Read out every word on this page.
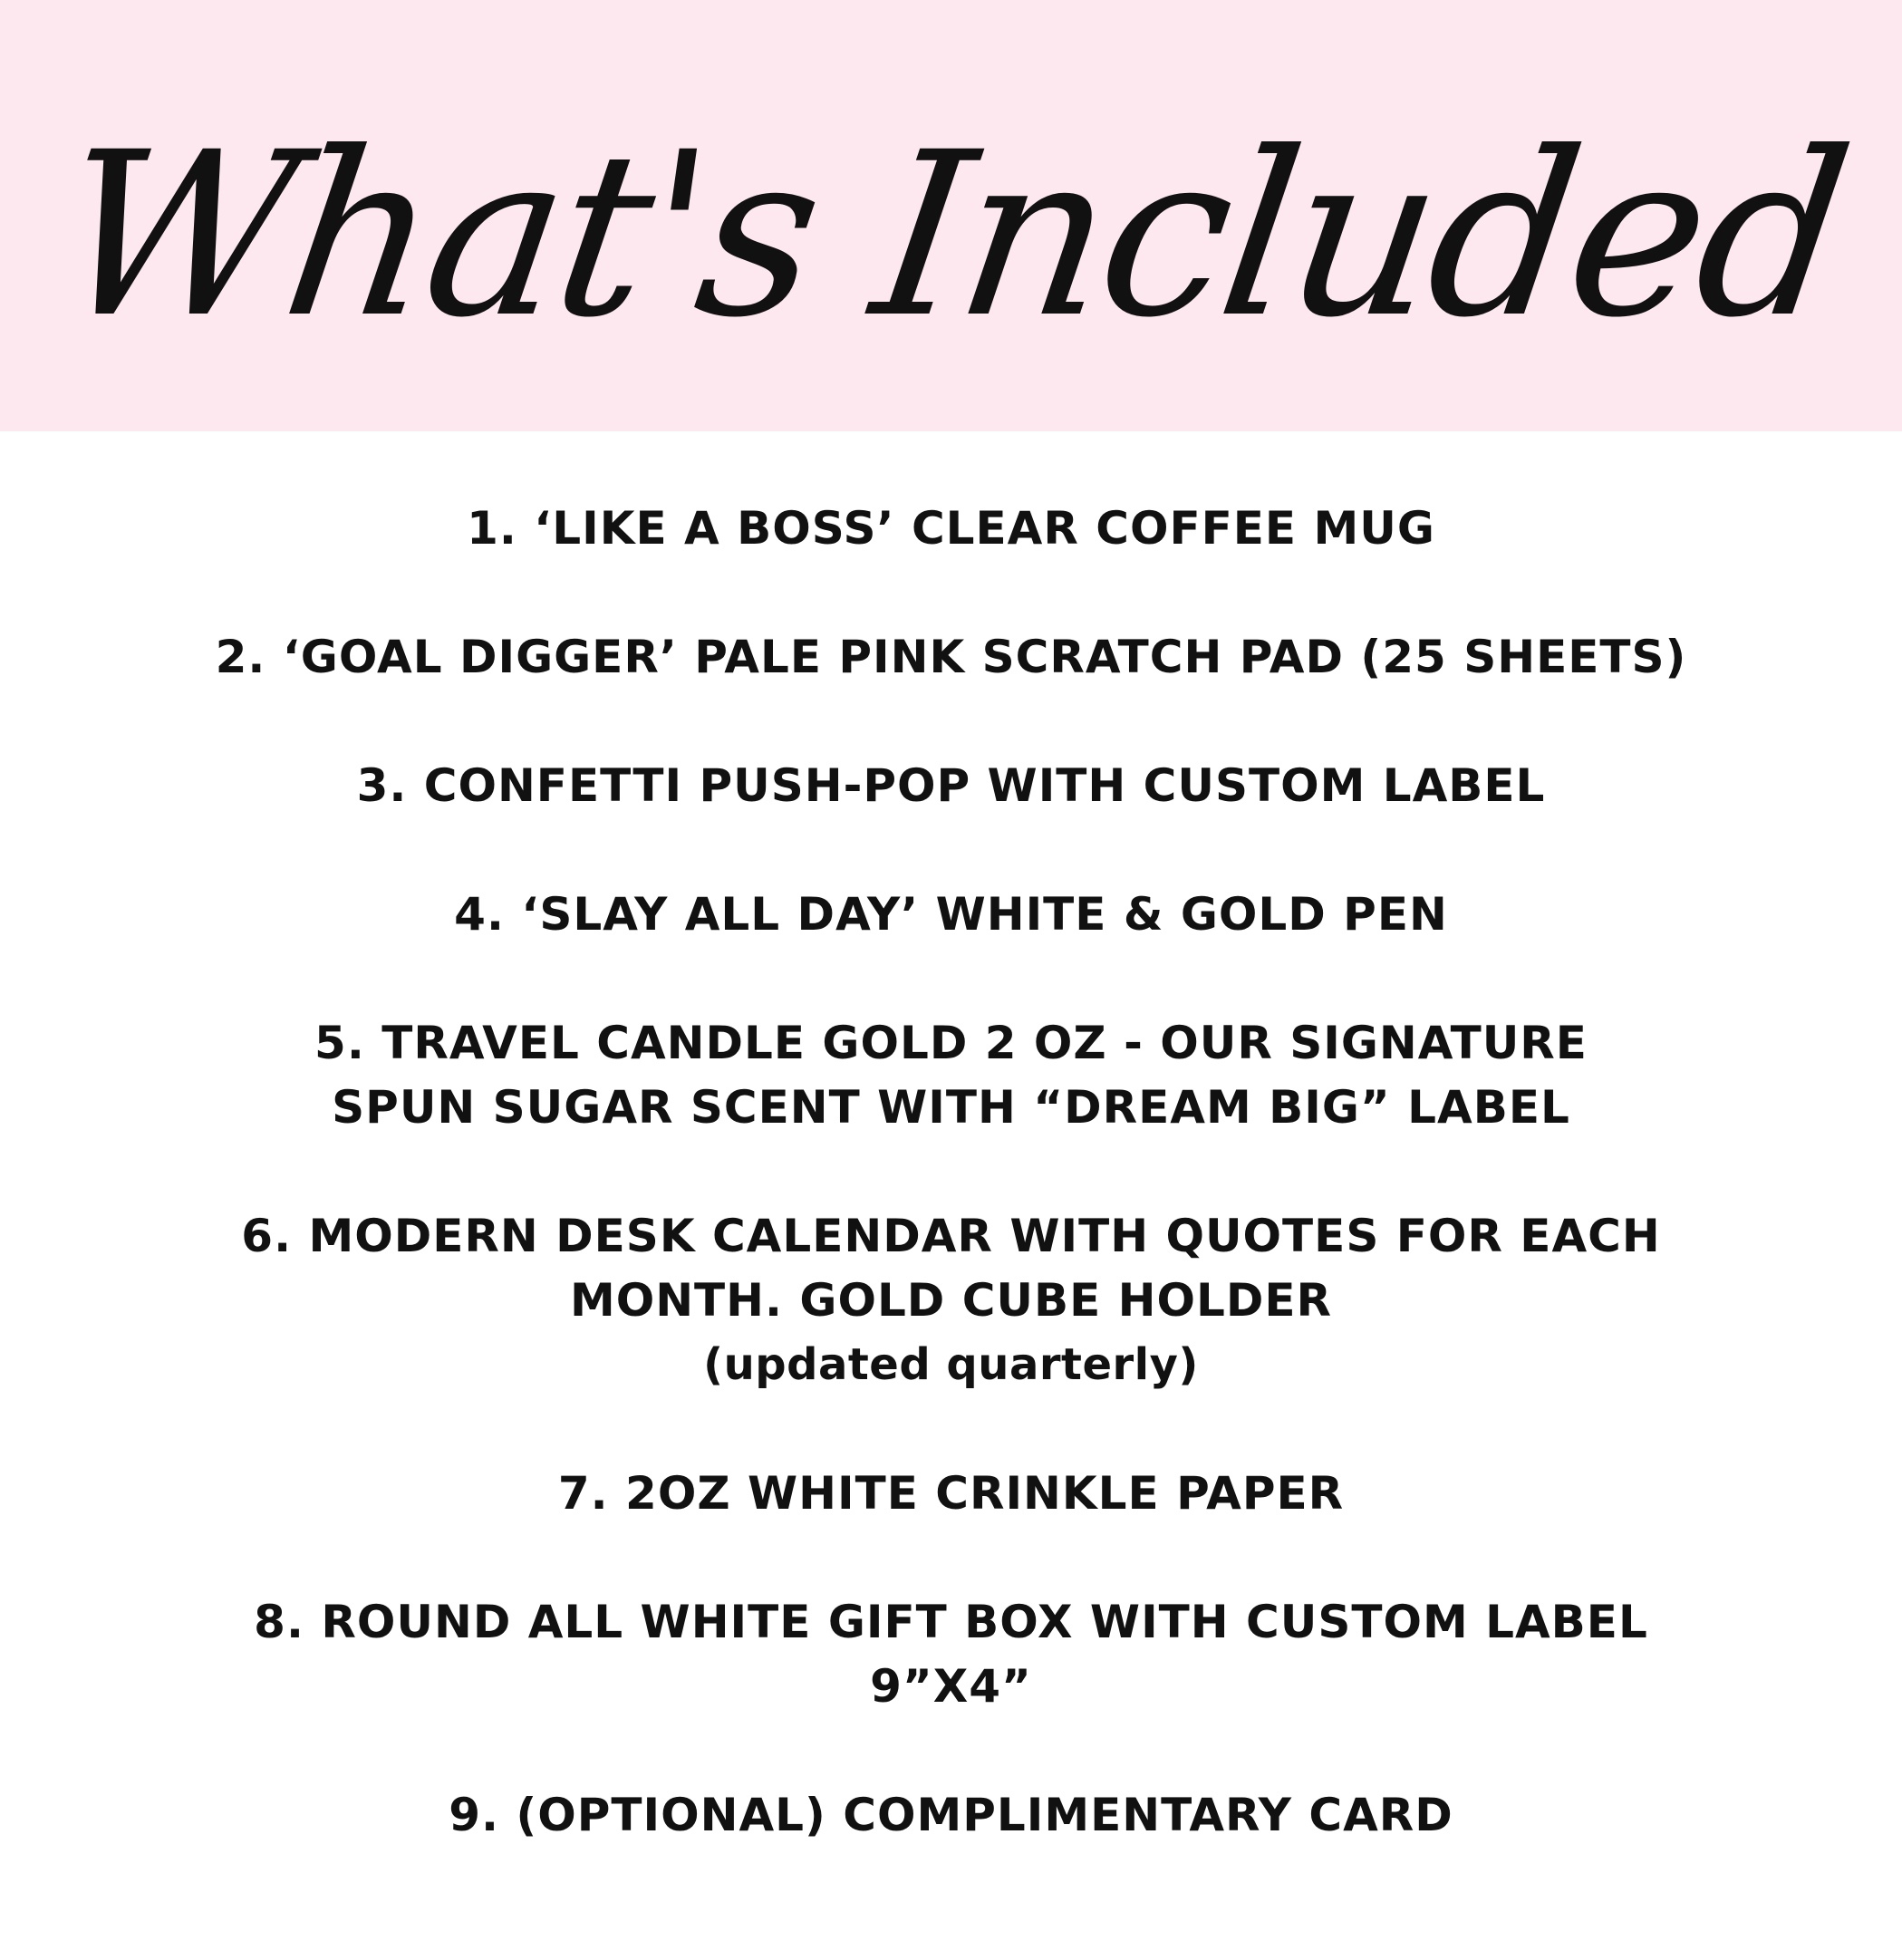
What's Included
1. ‘LIKE A BOSS’ CLEAR COFFEE MUG
2. ‘GOAL DIGGER’ PALE PINK SCRATCH PAD (25 SHEETS)
3. CONFETTI PUSH-POP WITH CUSTOM LABEL
4. ‘SLAY ALL DAY’ WHITE & GOLD PEN
5. TRAVEL CANDLE GOLD 2 OZ - OUR SIGNATURE
SPUN SUGAR SCENT WITH “DREAM BIG” LABEL
6. MODERN DESK CALENDAR WITH QUOTES FOR EACH
MONTH. GOLD CUBE HOLDER
(updated quarterly)
7. 2OZ WHITE CRINKLE PAPER
8. ROUND ALL WHITE GIFT BOX WITH CUSTOM LABEL
9”X4”
9. (OPTIONAL) COMPLIMENTARY CARD
